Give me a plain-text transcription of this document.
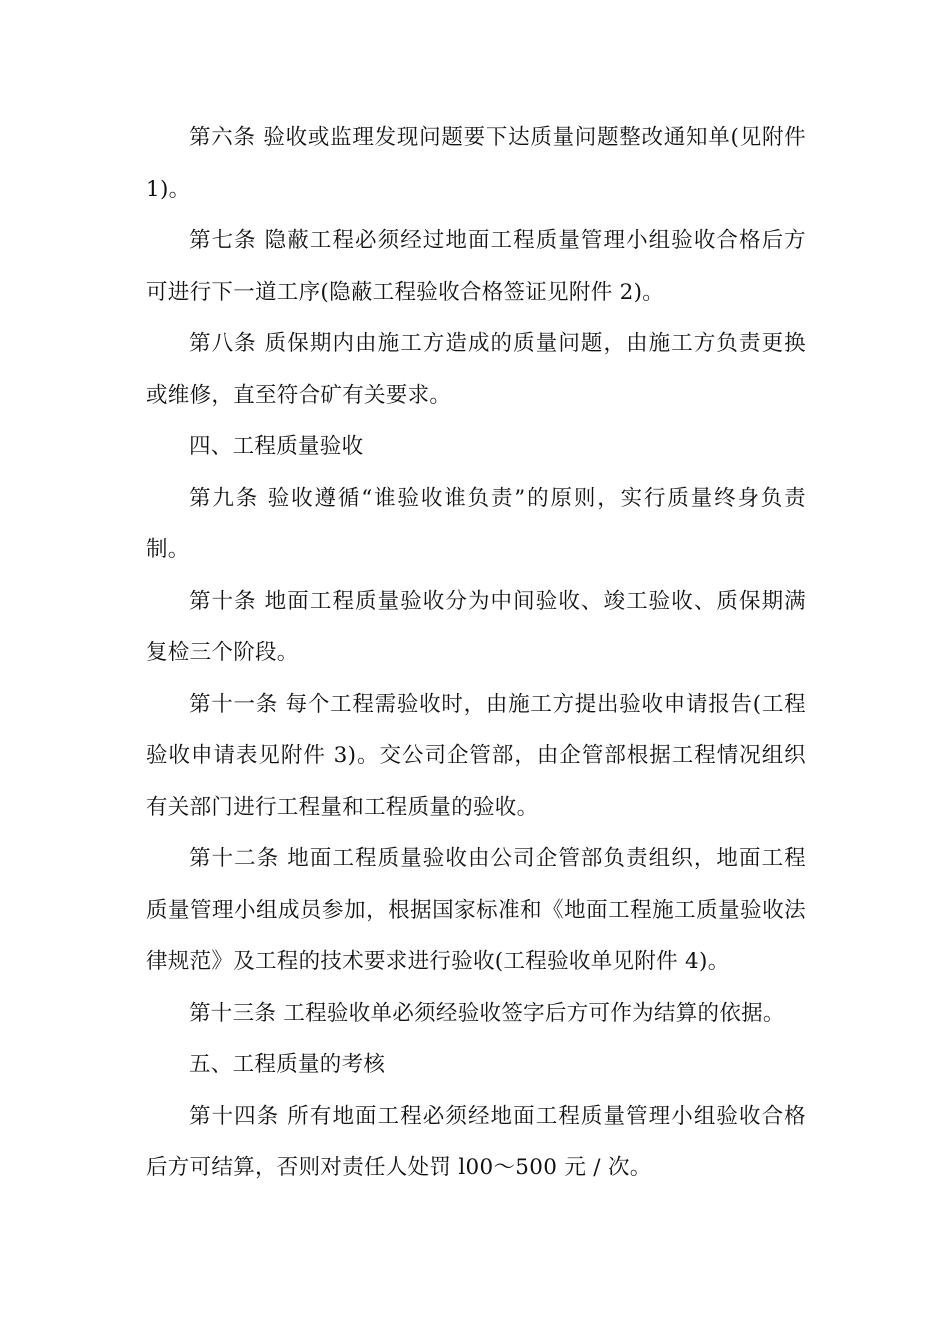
第六条 验收或监理发现问题要下达质量问题整改通知单(见附件 1)。

第七条 隐蔽工程必须经过地面工程质量管理小组验收合格后方可进行下一道工序(隐蔽工程验收合格签证见附件 2)。

第八条 质保期内由施工方造成的质量问题，由施工方负责更换或维修，直至符合矿有关要求。

四、工程质量验收

第九条 验收遵循“谁验收谁负责”的原则，实行质量终身负责制。

第十条 地面工程质量验收分为中间验收、竣工验收、质保期满复检三个阶段。

第十一条 每个工程需验收时，由施工方提出验收申请报告(工程验收申请表见附件 3)。交公司企管部，由企管部根据工程情况组织有关部门进行工程量和工程质量的验收。

第十二条 地面工程质量验收由公司企管部负责组织，地面工程质量管理小组成员参加，根据国家标准和《地面工程施工质量验收法律规范》及工程的技术要求进行验收(工程验收单见附件 4)。

第十三条 工程验收单必须经验收签字后方可作为结算的依据。

五、工程质量的考核

第十四条 所有地面工程必须经地面工程质量管理小组验收合格后方可结算，否则对责任人处罚 l00～500 元 / 次。
